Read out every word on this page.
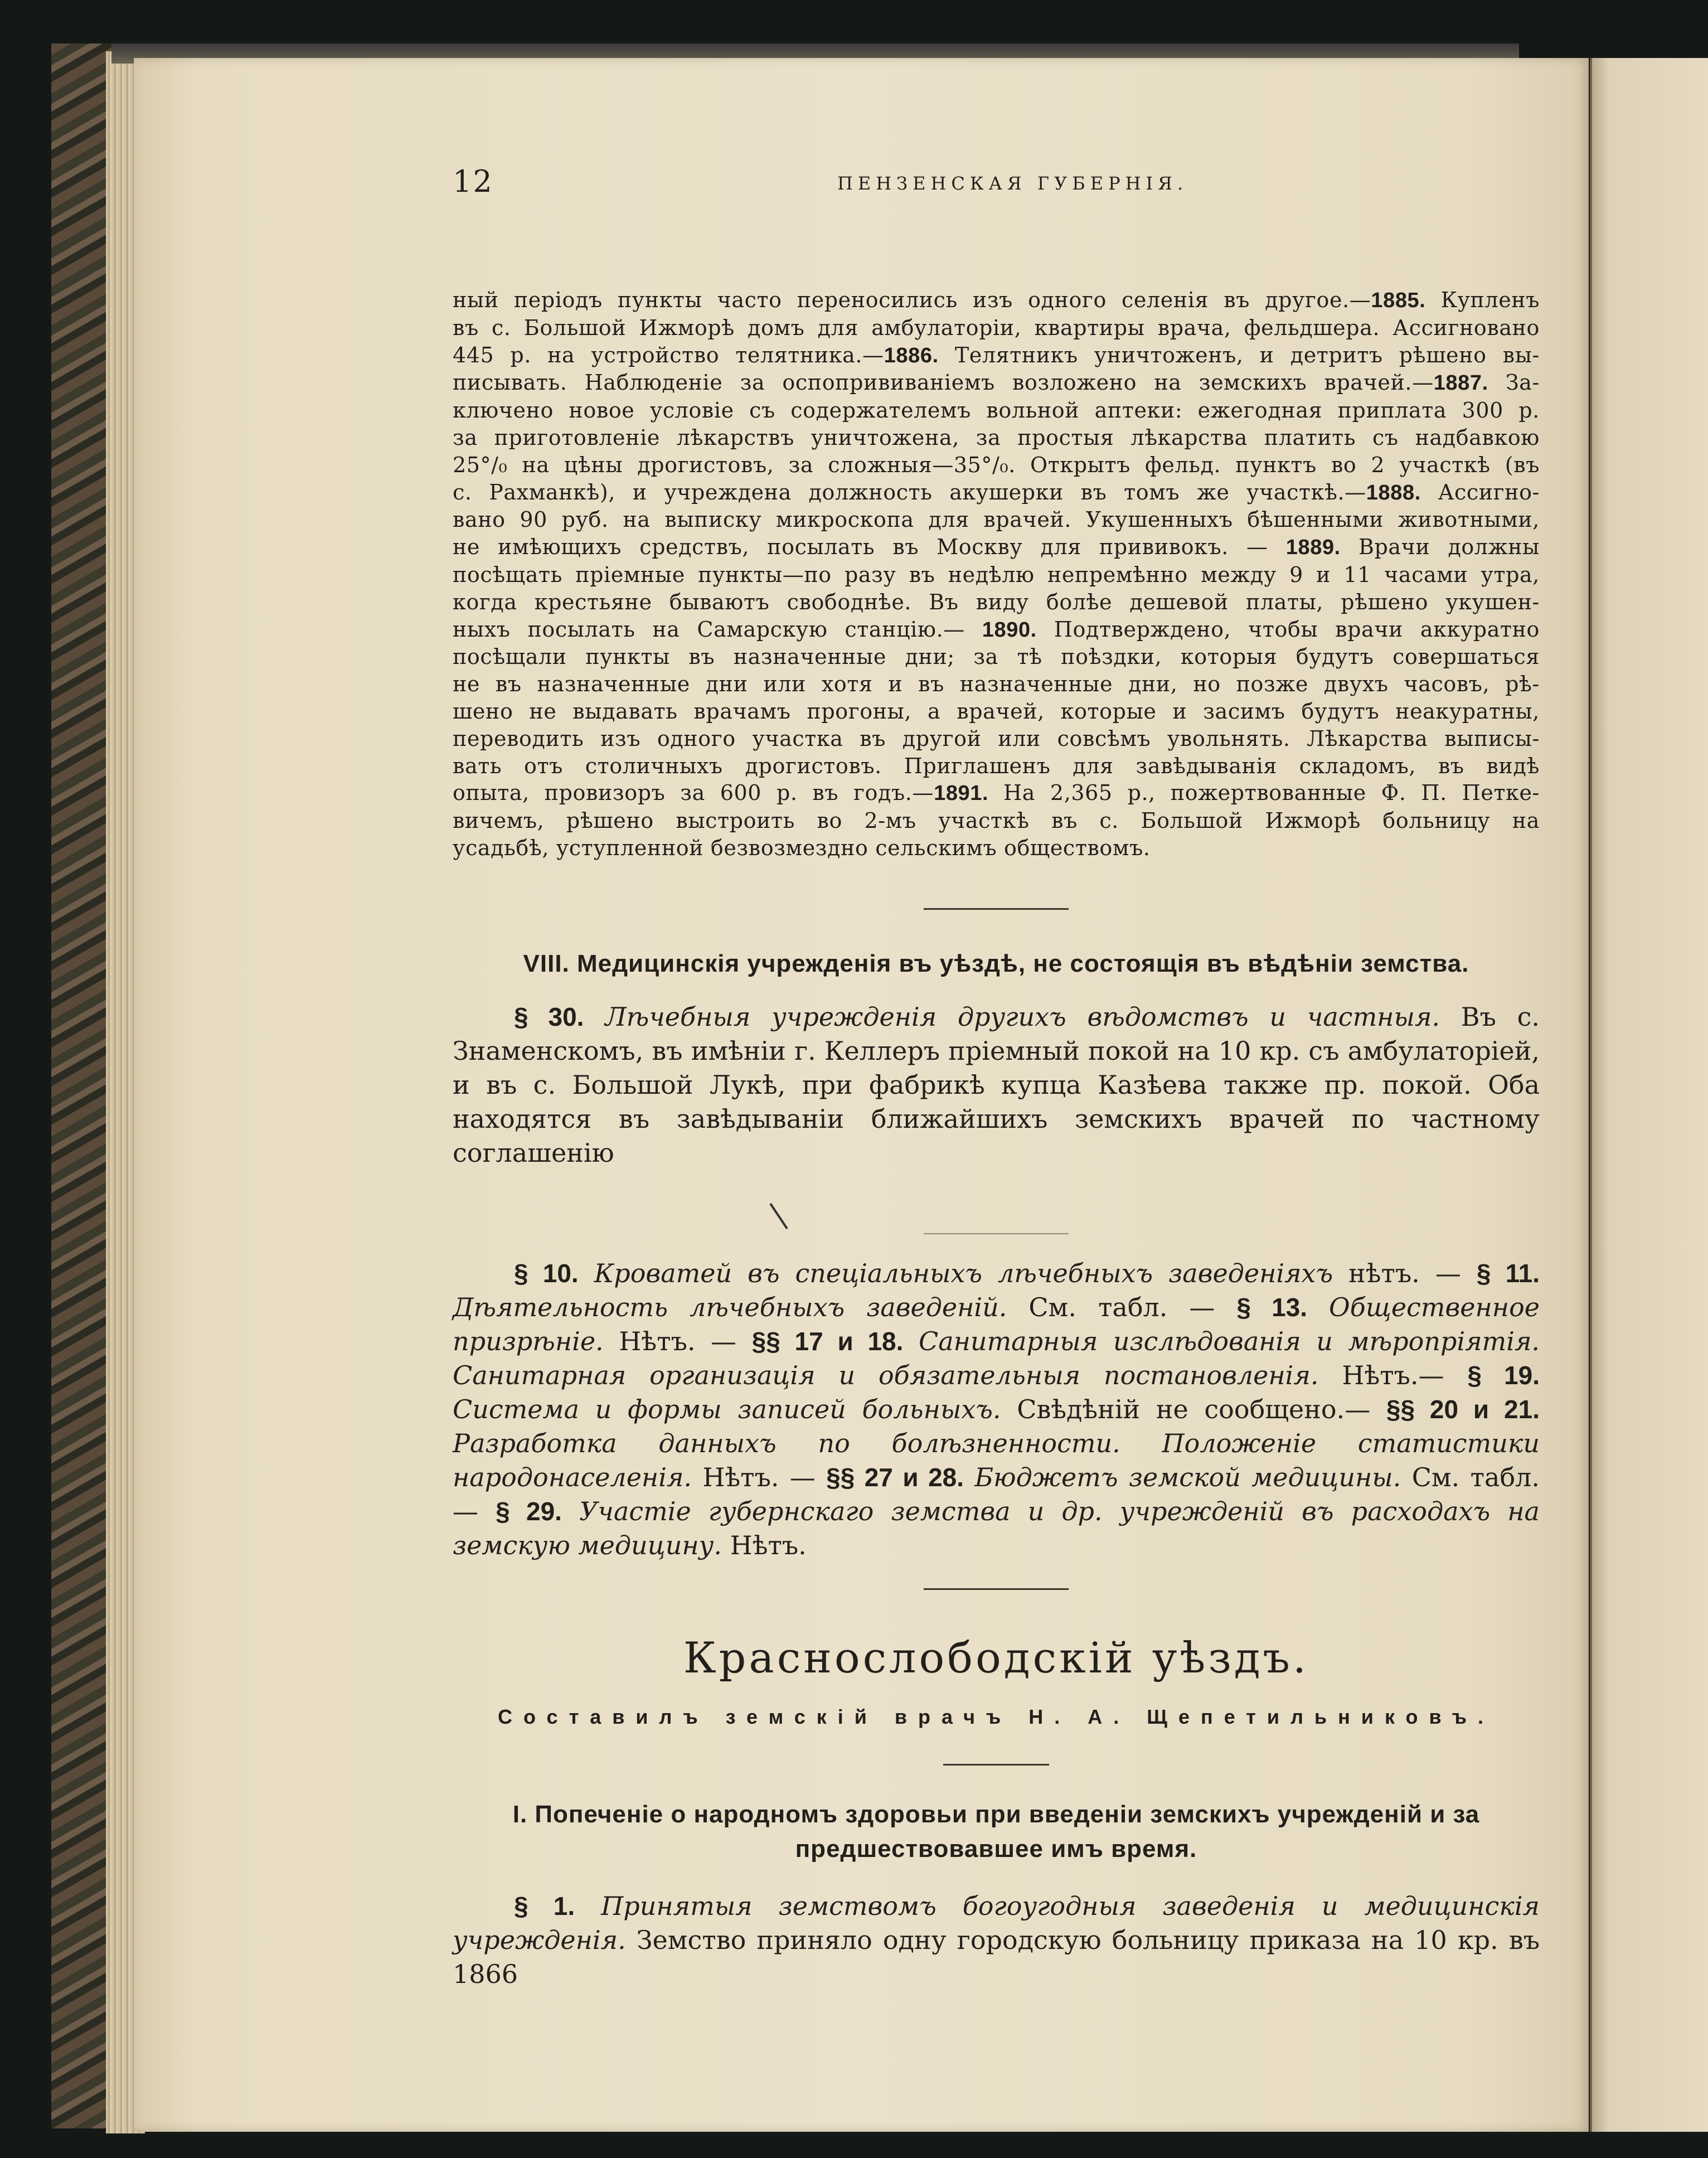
12	ПЕНЗЕНСКАЯ ГУБЕРНIЯ.
ный періодъ пункты часто переносились изъ одного селенія въ другое.—1885. Купленъ
въ с. Большой Ижморѣ домъ для амбулаторіи, квартиры врача, фельдшера. Ассигновано
445 р. на устройство телятника.—1886. Телятникъ уничтоженъ, и детритъ рѣшено вы-
писывать. Наблюденіе за оспопрививаніемъ возложено на земскихъ врачей.—1887. За-
ключено новое условіе съ содержателемъ вольной аптеки: ежегодная приплата 300 р.
за приготовленіе лѣкарствъ уничтожена, за простыя лѣкарства платить съ надбавкою
25°/₀ на цѣны дрогистовъ, за сложныя—35°/₀. Открытъ фельд. пунктъ во 2 участкѣ (въ
с. Рахманкѣ), и учреждена должность акушерки въ томъ же участкѣ.—1888. Ассигно-
вано 90 руб. на выписку микроскопа для врачей. Укушенныхъ бѣшенными животными,
не имѣющихъ средствъ, посылать въ Москву для прививокъ. — 1889. Врачи должны
посѣщать пріемные пункты—по разу въ недѣлю непремѣнно между 9 и 11 часами утра,
когда крестьяне бываютъ свободнѣе. Въ виду болѣе дешевой платы, рѣшено укушен-
ныхъ посылать на Самарскую станцію.— 1890. Подтверждено, чтобы врачи аккуратно
посѣщали пункты въ назначенные дни; за тѣ поѣздки, которыя будутъ совершаться
не въ назначенные дни или хотя и въ назначенные дни, но позже двухъ часовъ, рѣ-
шено не выдавать врачамъ прогоны, а врачей, которые и засимъ будутъ неакуратны,
переводить изъ одного участка въ другой или совсѣмъ увольнять. Лѣкарства выписы-
вать отъ столичныхъ дрогистовъ. Приглашенъ для завѣдыванія складомъ, въ видѣ
опыта, провизоръ за 600 р. въ годъ.—1891. На 2,365 р., пожертвованные Ф. П. Петке-
вичемъ, рѣшено выстроить во 2-мъ участкѣ въ с. Большой Ижморѣ больницу на
усадьбѣ, уступленной безвозмездно сельскимъ обществомъ.
VIII. Медицинскія учрежденія въ уѣздѣ, не состоящія въ вѣдѣніи земства.
§ 30. Лѣчебныя учрежденія другихъ вѣдомствъ и частныя. Въ с. Знаменскомъ, въ имѣніи г. Келлеръ пріемный покой на 10 кр. съ амбулаторіей, и въ с. Большой Лукѣ, при фабрикѣ купца Казѣева также пр. покой. Оба находятся въ завѣдываніи ближайшихъ земскихъ врачей по частному соглашенію
§ 10. Кроватей въ спеціальныхъ лѣчебныхъ заведеніяхъ нѣтъ. — § 11. Дѣятельность лѣчебныхъ заведеній. См. табл. — § 13. Общественное призрѣніе. Нѣтъ. — §§ 17 и 18. Санитарныя изслѣдованія и мѣропріятія. Санитарная организація и обязательныя постановленія. Нѣтъ.— § 19. Система и формы записей больныхъ. Свѣдѣній не сообщено.— §§ 20 и 21. Разработка данныхъ по болѣзненности. Положеніе статистики народонаселенія. Нѣтъ. — §§ 27 и 28. Бюджетъ земской медицины. См. табл. — § 29. Участіе губернскаго земства и др. учрежденій въ расходахъ на земскую медицину. Нѣтъ.
Краснослободскій уѣздъ.
Составилъ земскій врачъ Н. А. Щепетильниковъ.
I. Попеченіе о народномъ здоровьи при введеніи земскихъ учрежденій и за
предшествовавшее имъ время.
§ 1. Принятыя земствомъ богоугодныя заведенія и медицинскія учрежденія. Земство приняло одну городскую больницу приказа на 10 кр. въ 1866
